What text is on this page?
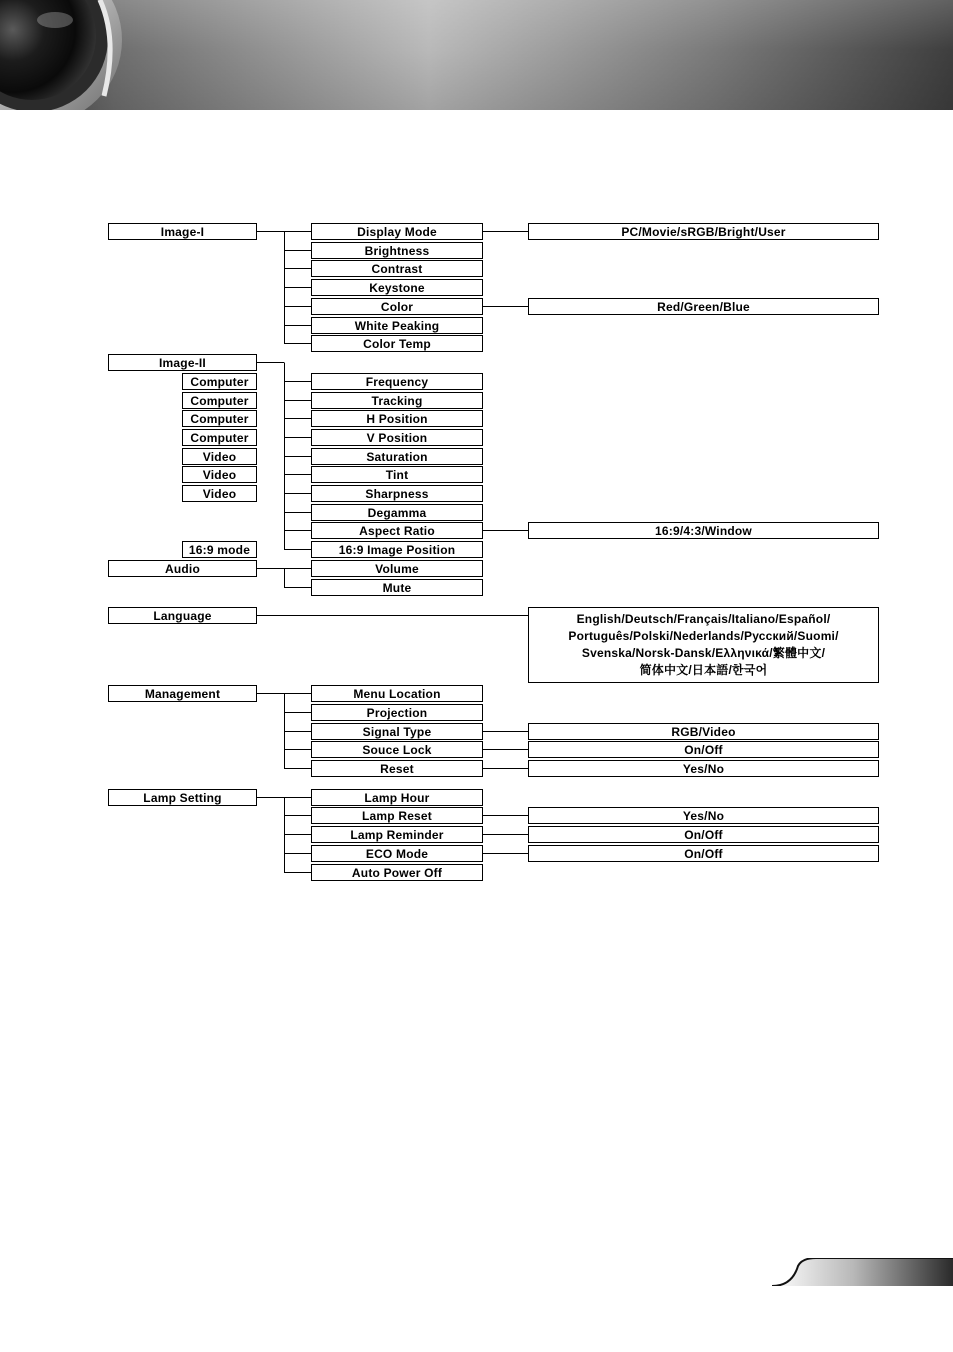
Image-I	Display Mode	PC/Movie/sRGB/Bright/User
Brightness
Contrast
Keystone
Color	Red/Green/Blue
White Peaking
Color Temp
Image-II
Computer
Computer
Computer
Computer
Video
Video
Video
16:9 mode
Frequency
Tracking
H Position
V Position
Saturation
Tint
Sharpness
Degamma
Aspect Ratio	16:9/4:3/Window
16:9 Image Position
Audio	Volume
Mute
Language	English/Deutsch/Français/Italiano/Español/
Português/Polski/Nederlands/Русский/Suomi/
Svenska/Norsk-Dansk/Ελληνικά/繁體中文/
简体中文/日本語/한국어
Management	Menu Location
Projection
Signal Type	RGB/Video
Souce Lock	On/Off
Reset	Yes/No
Lamp Setting	Lamp Hour
Lamp Reset	Yes/No
Lamp Reminder	On/Off
ECO Mode	On/Off
Auto Power Off
